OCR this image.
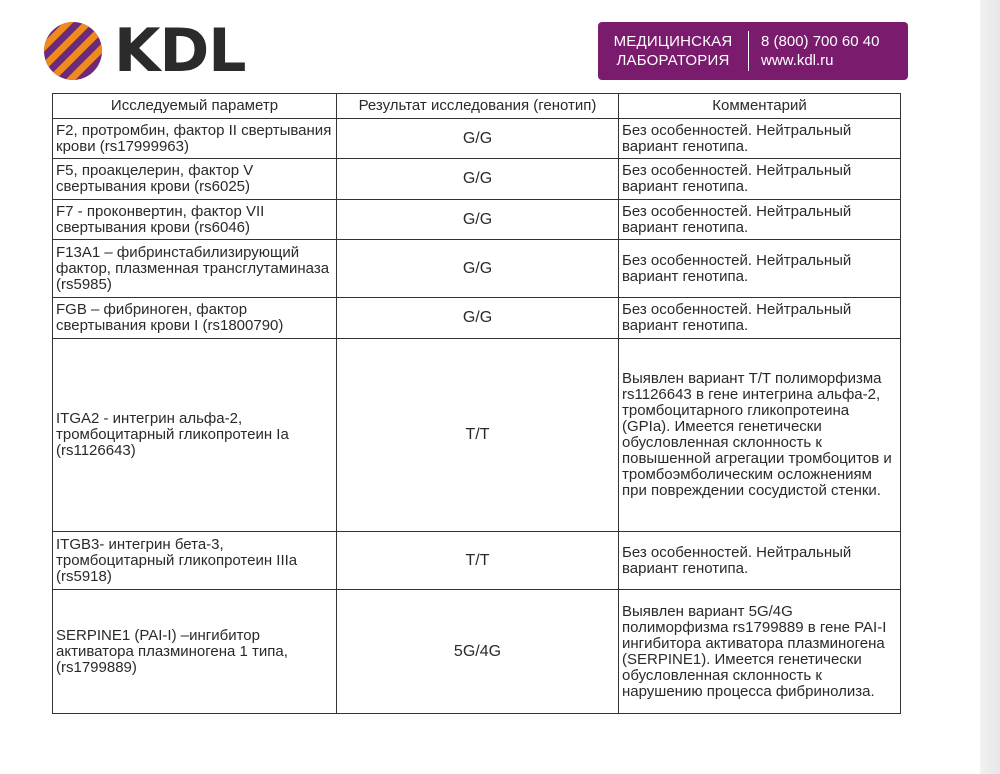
KDL	МЕДИЦИНСКАЯ
ЛАБОРАТОРИЯ
8 (800) 700 60 40
www.kdl.ru
Исследуемый параметр	Результат исследования (генотип)	Комментарий
F2, протромбин, фактор II свертывания крови (rs17999963)	G/G	Без особенностей. Нейтральный вариант генотипа.
F5, проакцелерин, фактор V свертывания крови (rs6025)	G/G	Без особенностей. Нейтральный вариант генотипа.
F7 - проконвертин, фактор VII свертывания крови (rs6046)	G/G	Без особенностей. Нейтральный вариант генотипа.
F13A1 – фибринстабилизирующий фактор, плазменная трансглутаминаза (rs5985)	G/G	Без особенностей. Нейтральный вариант генотипа.
FGB – фибриноген, фактор свертывания крови I (rs1800790)	G/G	Без особенностей. Нейтральный вариант генотипа.
ITGA2 - интегрин альфа-2, тромбоцитарный гликопротеин Ia (rs1126643)	T/T	Выявлен вариант T/T полиморфизма rs1126643 в гене интегрина альфа-2, тромбоцитарного гликопротеина (GPIa). Имеется генетически обусловленная склонность к повышенной агрегации тромбоцитов и тромбоэмболическим осложнениям при повреждении сосудистой стенки.
ITGB3- интегрин бета-3, тромбоцитарный гликопротеин IIIa (rs5918)	T/T	Без особенностей. Нейтральный вариант генотипа.
SERPINE1 (PAI-I) –ингибитор активатора плазминогена 1 типа, (rs1799889)	5G/4G	Выявлен вариант 5G/4G полиморфизма rs1799889 в гене PAI-I ингибитора активатора плазминогена (SERPINE1). Имеется генетически обусловленная склонность к нарушению процесса фибринолиза.
